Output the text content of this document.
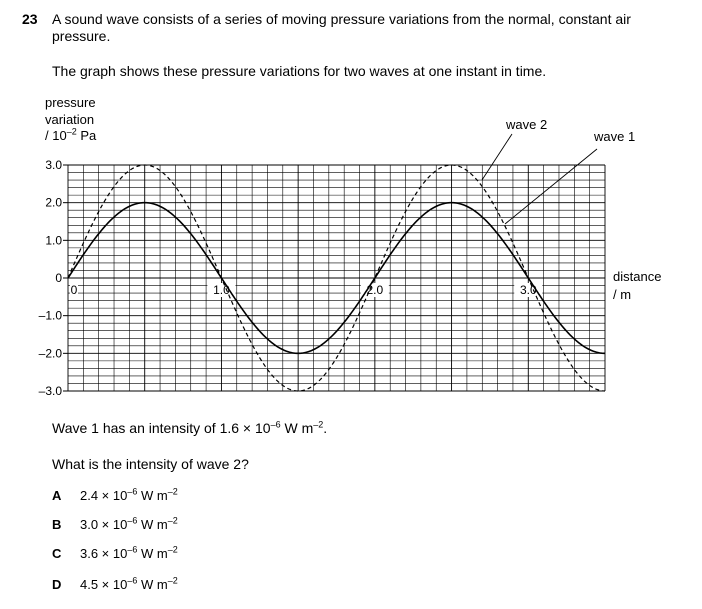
23 A sound wave consists of a series of moving pressure variations from the normal, constant air
pressure.
The graph shows these pressure variations for two waves at one instant in time.
pressure
variation
/ $10^{-2}$ Pa
wave 2
wave 1
distance
/ m
3.0
2.0
1.0
0
–1.0
–2.0
–3.0
0	1.0	2.0	3.0
Wave 1 has an intensity of $1.6 \times 10^{-6}$ W $m^{-2}$.
What is the intensity of wave 2?
A $2.4 \times 10^{-6}$ W $m^{-2}$
B $3.0 \times 10^{-6}$ W $m^{-2}$
C $3.6 \times 10^{-6}$ W $m^{-2}$
D $4.5 \times 10^{-6}$ W $m^{-2}$
